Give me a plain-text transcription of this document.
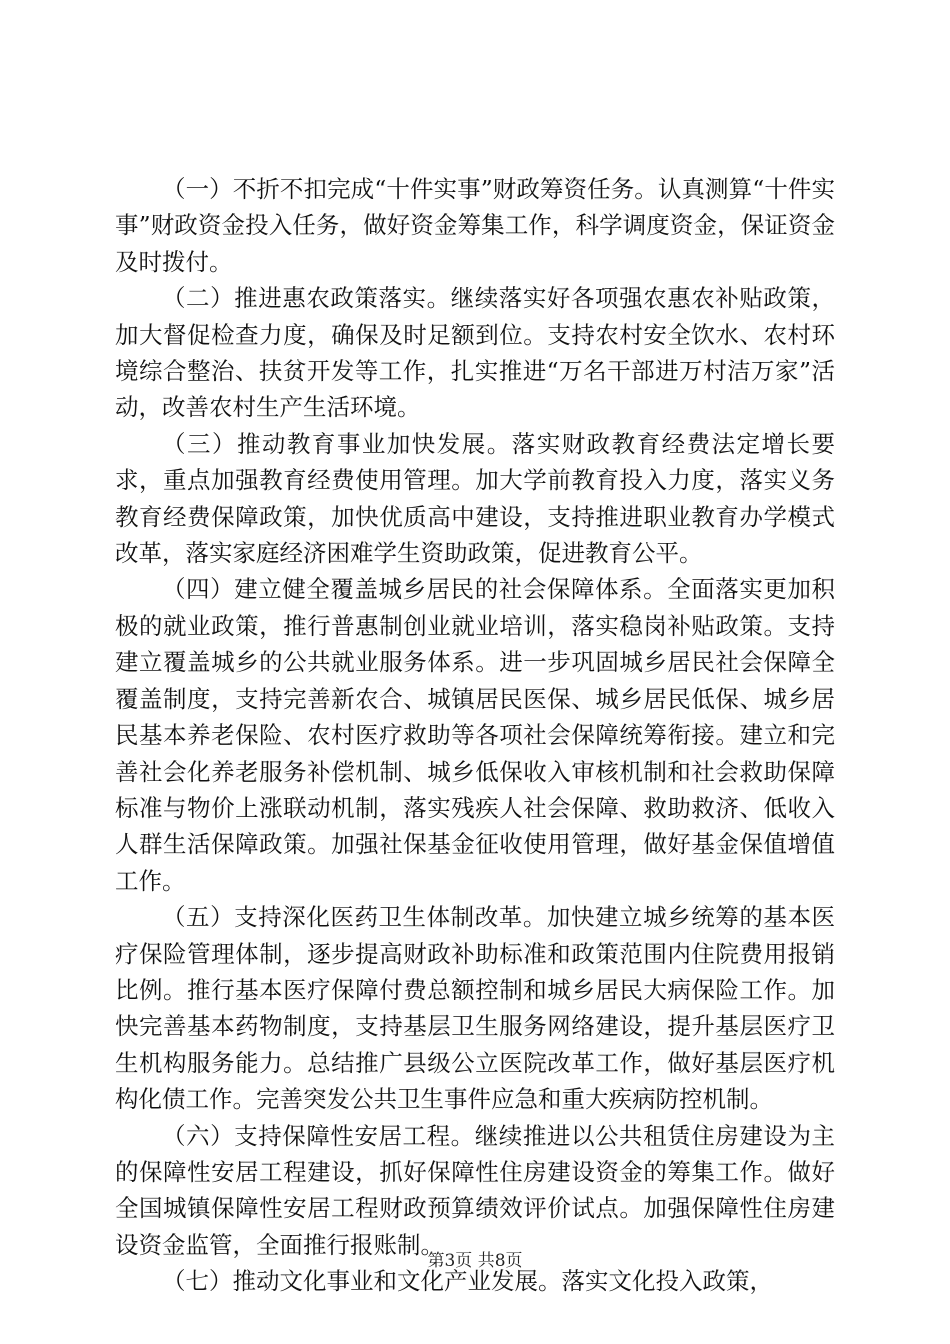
（一）不折不扣完成“十件实事”财政筹资任务。认真测算“十件实事”财政资金投入任务，做好资金筹集工作，科学调度资金，保证资金及时拨付。

（二）推进惠农政策落实。继续落实好各项强农惠农补贴政策，加大督促检查力度，确保及时足额到位。支持农村安全饮水、农村环境综合整治、扶贫开发等工作，扎实推进“万名干部进万村洁万家”活动，改善农村生产生活环境。

（三）推动教育事业加快发展。落实财政教育经费法定增长要求，重点加强教育经费使用管理。加大学前教育投入力度，落实义务教育经费保障政策，加快优质高中建设，支持推进职业教育办学模式改革，落实家庭经济困难学生资助政策，促进教育公平。

（四）建立健全覆盖城乡居民的社会保障体系。全面落实更加积极的就业政策，推行普惠制创业就业培训，落实稳岗补贴政策。支持建立覆盖城乡的公共就业服务体系。进一步巩固城乡居民社会保障全覆盖制度，支持完善新农合、城镇居民医保、城乡居民低保、城乡居民基本养老保险、农村医疗救助等各项社会保障统筹衔接。建立和完善社会化养老服务补偿机制、城乡低保收入审核机制和社会救助保障标准与物价上涨联动机制，落实残疾人社会保障、救助救济、低收入人群生活保障政策。加强社保基金征收使用管理，做好基金保值增值工作。

（五）支持深化医药卫生体制改革。加快建立城乡统筹的基本医疗保险管理体制，逐步提高财政补助标准和政策范围内住院费用报销比例。推行基本医疗保障付费总额控制和城乡居民大病保险工作。加快完善基本药物制度，支持基层卫生服务网络建设，提升基层医疗卫生机构服务能力。总结推广县级公立医院改革工作，做好基层医疗机构化债工作。完善突发公共卫生事件应急和重大疾病防控机制。

（六）支持保障性安居工程。继续推进以公共租赁住房建设为主的保障性安居工程建设，抓好保障性住房建设资金的筹集工作。做好全国城镇保障性安居工程财政预算绩效评价试点。加强保障性住房建设资金监管，全面推行报账制。

（七）推动文化事业和文化产业发展。落实文化投入政策，

第3页 共8页
